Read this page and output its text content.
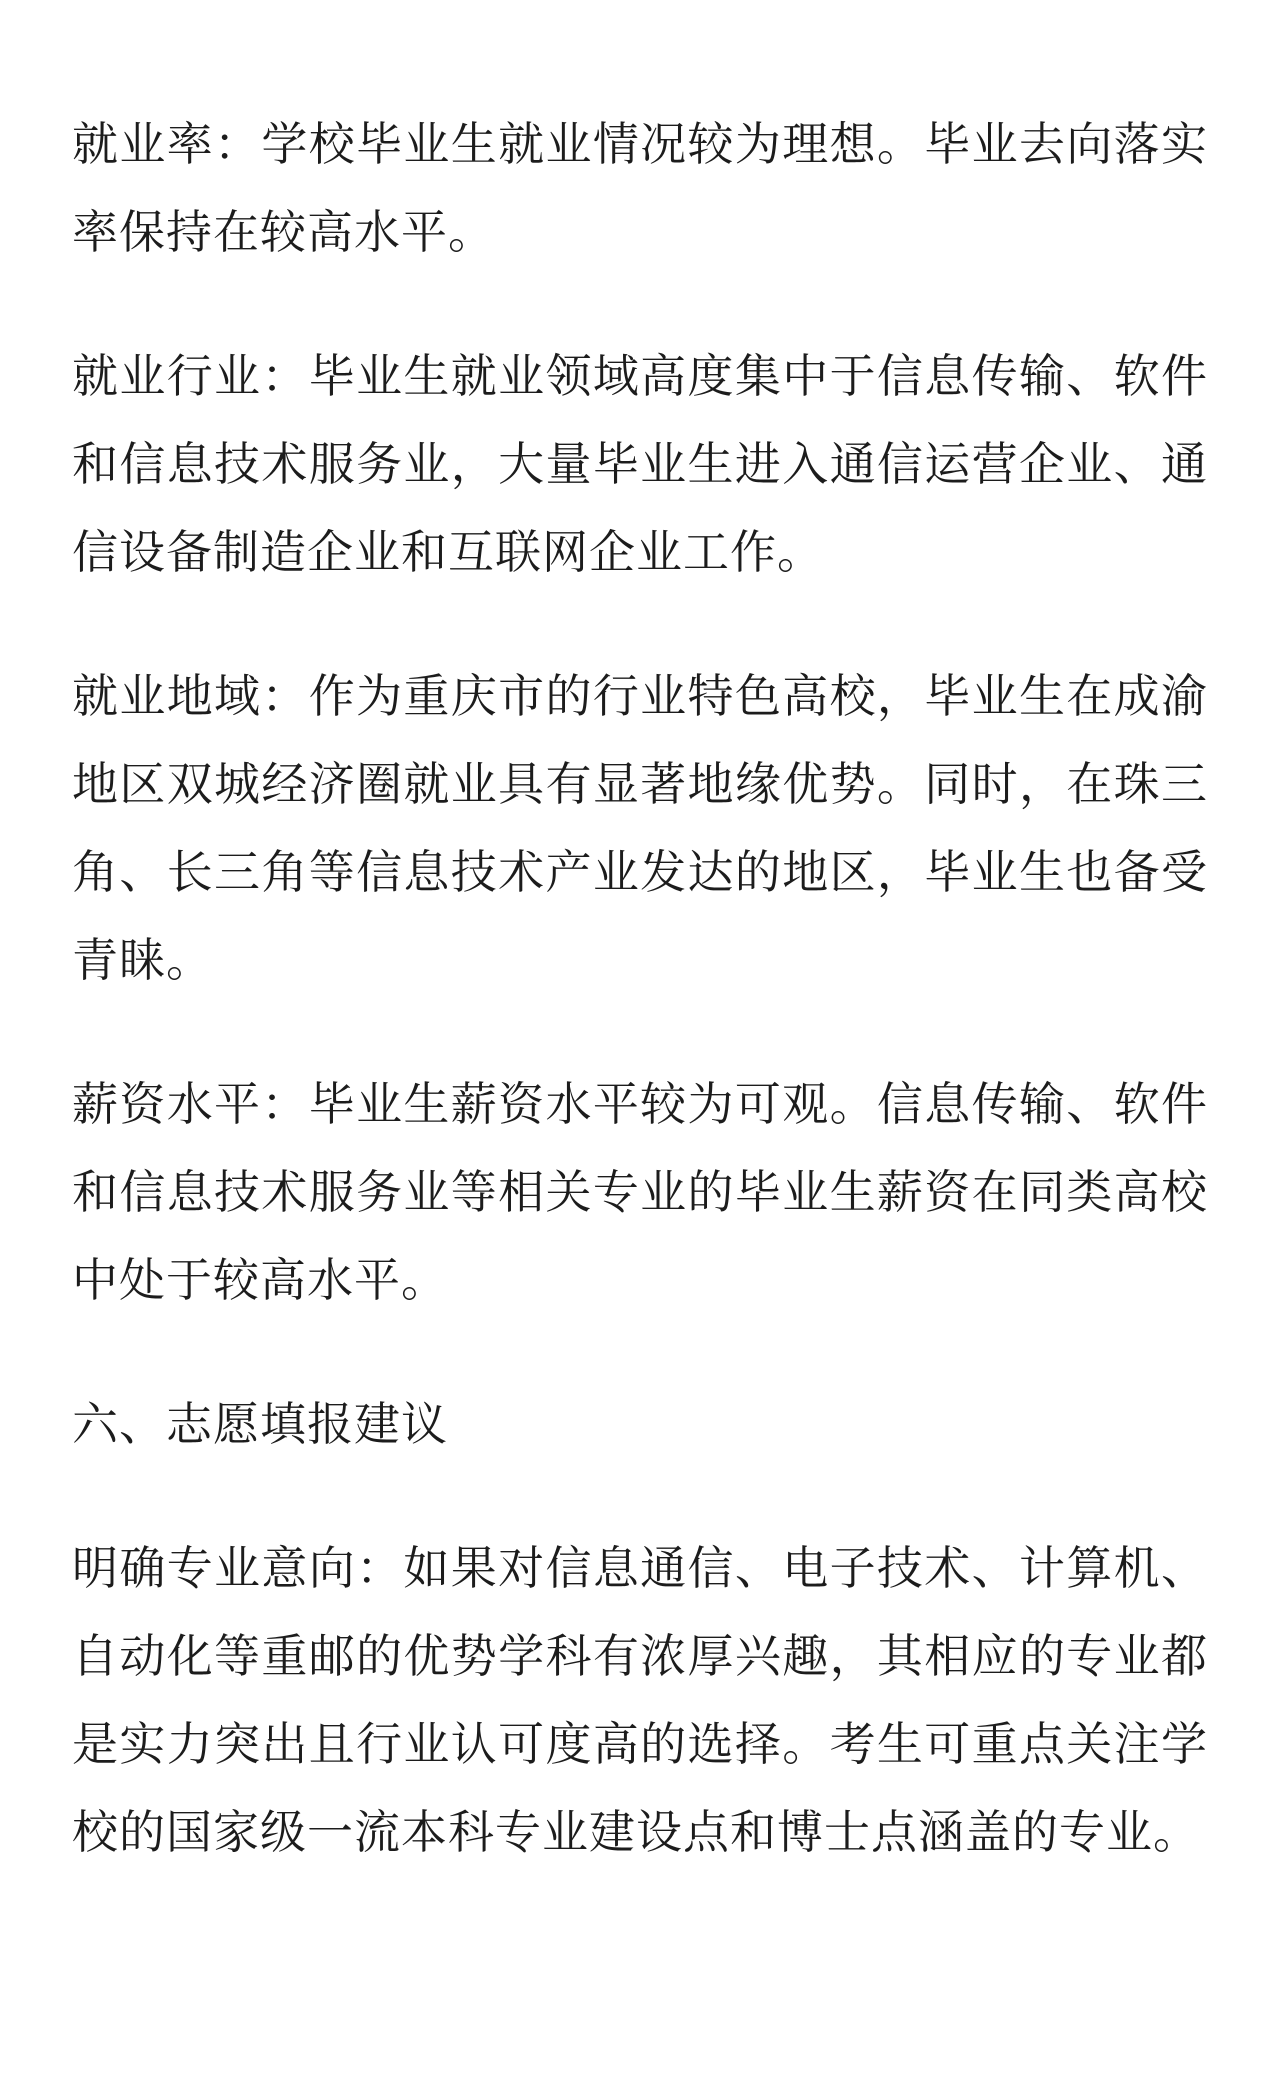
就业率：学校毕业生就业情况较为理想。毕业去向落实率保持在较高水平。

就业行业：毕业生就业领域高度集中于信息传输、软件和信息技术服务业，大量毕业生进入通信运营企业、通信设备制造企业和互联网企业工作。

就业地域：作为重庆市的行业特色高校，毕业生在成渝地区双城经济圈就业具有显著地缘优势。同时，在珠三角、长三角等信息技术产业发达的地区，毕业生也备受青睐。

薪资水平：毕业生薪资水平较为可观。信息传输、软件和信息技术服务业等相关专业的毕业生薪资在同类高校中处于较高水平。

六、志愿填报建议

明确专业意向：如果对信息通信、电子技术、计算机、自动化等重邮的优势学科有浓厚兴趣，其相应的专业都是实力突出且行业认可度高的选择。考生可重点关注学校的国家级一流本科专业建设点和博士点涵盖的专业。
